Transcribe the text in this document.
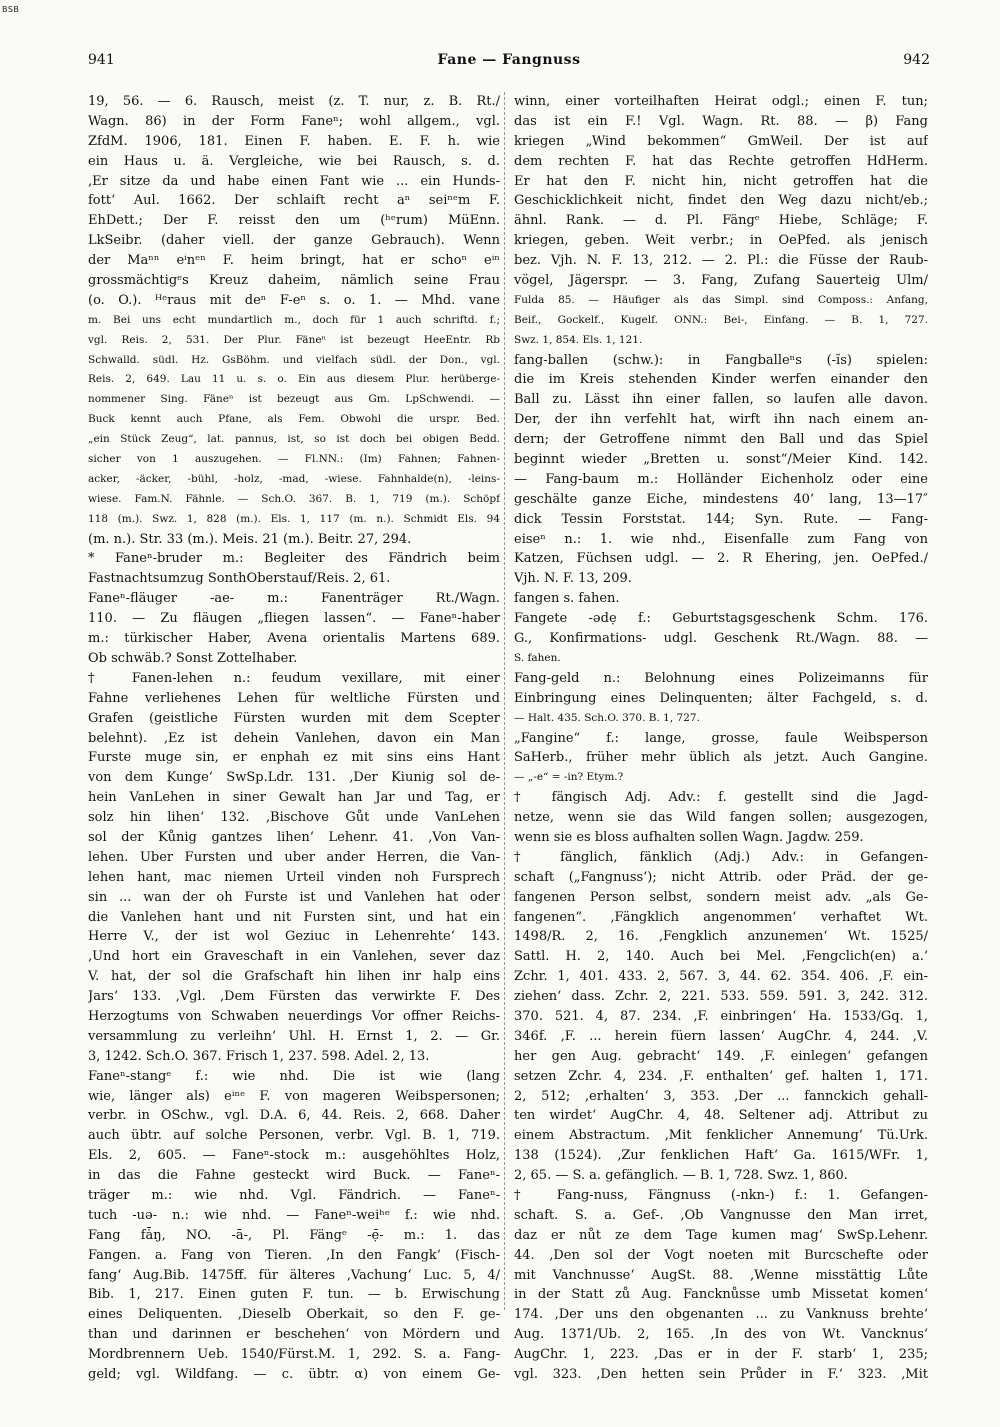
BSB
941	Fane — Fangnuss	942
19, 56. — 6. Rausch, meist (z. T. nur, z. B. Rt./
Wagn. 86) in der Form Faneⁿ; wohl allgem., vgl.
ZfdM. 1906, 181. Einen F. haben. E. F. h. wie
ein Haus u. ä. Vergleiche, wie bei Rausch, s. d.
‚Er sitze da und habe einen Fant wie ... ein Hunds-
fott‘ Aul. 1662. Der schlaift recht aⁿ seiⁿᵉm F.
EhDett.; Der F. reisst den um (ʰᵉrum) MüEnn.
LkSeibr. (daher viell. der ganze Gebrauch). Wenn
der Maⁿⁿ eⁱnᵉⁿ F. heim bringt, hat er schoⁿ eⁱⁿ
grossmächtigᵉs Kreuz daheim, nämlich seine Frau
(o. O.). ᴴᵉraus mit deⁿ F-eⁿ s. o. 1. — Mhd. vane
m. Bei uns echt mundartlich m., doch für 1 auch schriftd. f.;
vgl. Reis. 2, 531. Der Plur. Fäneⁿ ist bezeugt HeeEntr. Rb
Schwalld. südl. Hz. GsBöhm. und vielfach südl. der Don., vgl.
Reis. 2, 649. Lau 11 u. s. o. Ein aus diesem Plur. herüberge-
nommener Sing. Fäneⁿ ist bezeugt aus Gm. LpSchwendi. —
Buck kennt auch Pfane, als Fem. Obwohl die urspr. Bed.
„ein Stück Zeug“, lat. pannus, ist, so ist doch bei obigen Bedd.
sicher von 1 auszugehen. — Fl.NN.: (Im) Fahnen; Fahnen-
acker, -äcker, -bühl, -holz, -mad, -wiese. Fahnhalde(n), -leins-
wiese. Fam.N. Fähnle. — Sch.O. 367. B. 1, 719 (m.). Schöpf
118 (m.). Swz. 1, 828 (m.). Els. 1, 117 (m. n.). Schmidt Els. 94
(m. n.). Str. 33 (m.). Meis. 21 (m.). Beitr. 27, 294.
* Faneⁿ-bruder m.: Begleiter des Fändrich beim
Fastnachtsumzug SonthOberstauf/Reis. 2, 61.
Faneⁿ-fläuger -ae- m.: Fanenträger Rt./Wagn.
110. — Zu fläugen „fliegen lassen“. — Faneⁿ-haber
m.: türkischer Haber, Avena orientalis Martens 689.
Ob schwäb.? Sonst Zottelhaber.
† Fanen-lehen n.: feudum vexillare, mit einer
Fahne verliehenes Lehen für weltliche Fürsten und
Grafen (geistliche Fürsten wurden mit dem Scepter
belehnt). ‚Ez ist dehein Vanlehen, davon ein Man
Furste muge sin, er enphah ez mit sins eins Hant
von dem Kunge‘ SwSp.Ldr. 131. ‚Der Kiunig sol de-
hein VanLehen in siner Gewalt han Jar und Tag, er
solz hin lihen‘ 132. ‚Bischove Gůt unde VanLehen
sol der Kůnig gantzes lihen‘ Lehenr. 41. ‚Von Van-
lehen. Uber Fursten und uber ander Herren, die Van-
lehen hant, mac niemen Urteil vinden noh Fursprech
sin ... wan der oh Furste ist und Vanlehen hat oder
die Vanlehen hant und nit Fursten sint, und hat ein
Herre V., der ist wol Geziuc in Lehenrehte‘ 143.
‚Und hort ein Graveschaft in ein Vanlehen, sever daz
V. hat, der sol die Grafschaft hin lihen inr halp eins
Jars‘ 133. ‚Vgl. ‚Dem Fürsten das verwirkte F. Des
Herzogtums von Schwaben neuerdings Vor offner Reichs-
versammlung zu verleihn‘ Uhl. H. Ernst 1, 2. — Gr.
3, 1242. Sch.O. 367. Frisch 1, 237. 598. Adel. 2, 13.
Faneⁿ-stangᵉ f.: wie nhd. Die ist wie (lang
wie, länger als) eⁱⁿᵉ F. von mageren Weibspersonen;
verbr. in OSchw., vgl. D.A. 6, 44. Reis. 2, 668. Daher
auch übtr. auf solche Personen, verbr. Vgl. B. 1, 719.
Els. 2, 605. — Faneⁿ-stock m.: ausgehöhltes Holz,
in das die Fahne gesteckt wird Buck. — Faneⁿ-
träger m.: wie nhd. Vgl. Fändrich. — Faneⁿ-
tuch -uə- n.: wie nhd. — Faneⁿ-weiʰᵉ f.: wie nhd.
Fang fǡŋ, NO. -ā-, Pl. Fängᵉ -ẹ̄- m.: 1. das
Fangen. a. Fang von Tieren. ‚In den Fangk‘ (Fisch-
fang‘ Aug.Bib. 1475ff. für älteres ‚Vachung‘ Luc. 5, 4/
Bib. 1, 217. Einen guten F. tun. — b. Erwischung
eines Deliquenten. ‚Dieselb Oberkait, so den F. ge-
than und darinnen er beschehen‘ von Mördern und
Mordbrennern Ueb. 1540/Fürst.M. 1, 292. S. a. Fang-
geld; vgl. Wildfang. — c. übtr. α) von einem Ge-
winn, einer vorteilhaften Heirat odgl.; einen F. tun;
das ist ein F.! Vgl. Wagn. Rt. 88. — β) Fang
kriegen „Wind bekommen“ GmWeil. Der ist auf
dem rechten F. hat das Rechte getroffen HdHerm.
Er hat den F. nicht hin, nicht getroffen hat die
Geschicklichkeit nicht, findet den Weg dazu nicht/eb.;
ähnl. Rank. — d. Pl. Fängᵉ Hiebe, Schläge; F.
kriegen, geben. Weit verbr.; in OePfed. als jenisch
bez. Vjh. N. F. 13, 212. — 2. Pl.: die Füsse der Raub-
vögel, Jägerspr. — 3. Fang, Zufang Sauerteig Ulm/
Fulda 85. — Häufiger als das Simpl. sind Composs.: Anfang,
Beif., Gockelf., Kugelf. ONN.: Bei-, Einfang. — B. 1, 727.
Swz. 1, 854. Els. 1, 121.
fang-ballen (schw.): in Fangballeⁿs (-ĭs) spielen:
die im Kreis stehenden Kinder werfen einander den
Ball zu. Lässt ihn einer fallen, so laufen alle davon.
Der, der ihn verfehlt hat, wirft ihn nach einem an-
dern; der Getroffene nimmt den Ball und das Spiel
beginnt wieder „Bretten u. sonst“/Meier Kind. 142.
— Fang-baum m.: Holländer Eichenholz oder eine
geschälte ganze Eiche, mindestens 40‘ lang, 13—17″
dick Tessin Forststat. 144; Syn. Rute. — Fang-
eiseⁿ n.: 1. wie nhd., Eisenfalle zum Fang von
Katzen, Füchsen udgl. — 2. R Ehering, jen. OePfed./
Vjh. N. F. 13, 209.
fangen s. fahen.
Fangete -ədẹ f.: Geburtstagsgeschenk Schm. 176.
G., Konfirmations- udgl. Geschenk Rt./Wagn. 88. —
S. fahen.
Fang-geld n.: Belohnung eines Polizeimanns für
Einbringung eines Delinquenten; älter Fachgeld, s. d.
— Halt. 435. Sch.O. 370. B. 1, 727.
„Fangine“ f.: lange, grosse, faule Weibsperson
SaHerb., früher mehr üblich als jetzt. Auch Gangine.
— „-e“ = -in? Etym.?
† fängisch Adj. Adv.: f. gestellt sind die Jagd-
netze, wenn sie das Wild fangen sollen; ausgezogen,
wenn sie es bloss aufhalten sollen Wagn. Jagdw. 259.
† fänglich, fänklich (Adj.) Adv.: in Gefangen-
schaft („Fangnuss‘); nicht Attrib. oder Präd. der ge-
fangenen Person selbst, sondern meist adv. „als Ge-
fangenen“. ‚Fängklich angenommen‘ verhaftet Wt.
1498/R. 2, 16. ‚Fengklich anzunemen‘ Wt. 1525/
Sattl. H. 2, 140. Auch bei Mel. ‚Fengclich(en) a.‘
Zchr. 1, 401. 433. 2, 567. 3, 44. 62. 354. 406. ‚F. ein-
ziehen‘ dass. Zchr. 2, 221. 533. 559. 591. 3, 242. 312.
370. 521. 4, 87. 234. ‚F. einbringen‘ Ha. 1533/Gq. 1,
346f. ‚F. ... herein füern lassen‘ AugChr. 4, 244. ‚V.
her gen Aug. gebracht‘ 149. ‚F. einlegen‘ gefangen
setzen Zchr. 4, 234. ‚F. enthalten‘ gef. halten 1, 171.
2, 512; ‚erhalten‘ 3, 353. ‚Der ... fannckich gehall-
ten wirdet‘ AugChr. 4, 48. Seltener adj. Attribut zu
einem Abstractum. ‚Mit fenklicher Annemung‘ Tü.Urk.
138 (1524). ‚Zur fenklichen Haft‘ Ga. 1615/WFr. 1,
2, 65. — S. a. gefänglich. — B. 1, 728. Swz. 1, 860.
† Fang-nuss, Fängnuss (-nkn-) f.: 1. Gefangen-
schaft. S. a. Gef-. ‚Ob Vangnusse den Man irret,
daz er nůt ze dem Tage kumen mag‘ SwSp.Lehenr.
44. ‚Den sol der Vogt noeten mit Burcschefte oder
mit Vanchnusse‘ AugSt. 88. ‚Wenne misstättig Lůte
in der Statt zů Aug. Fancknůsse umb Missetat komen‘
174. ‚Der uns den obgenanten ... zu Vanknuss brehte‘
Aug. 1371/Ub. 2, 165. ‚In des von Wt. Vancknus‘
AugChr. 1, 223. ‚Das er in der F. starb‘ 1, 235;
vgl. 323. ‚Den hetten sein Průder in F.‘ 323. ‚Mit
